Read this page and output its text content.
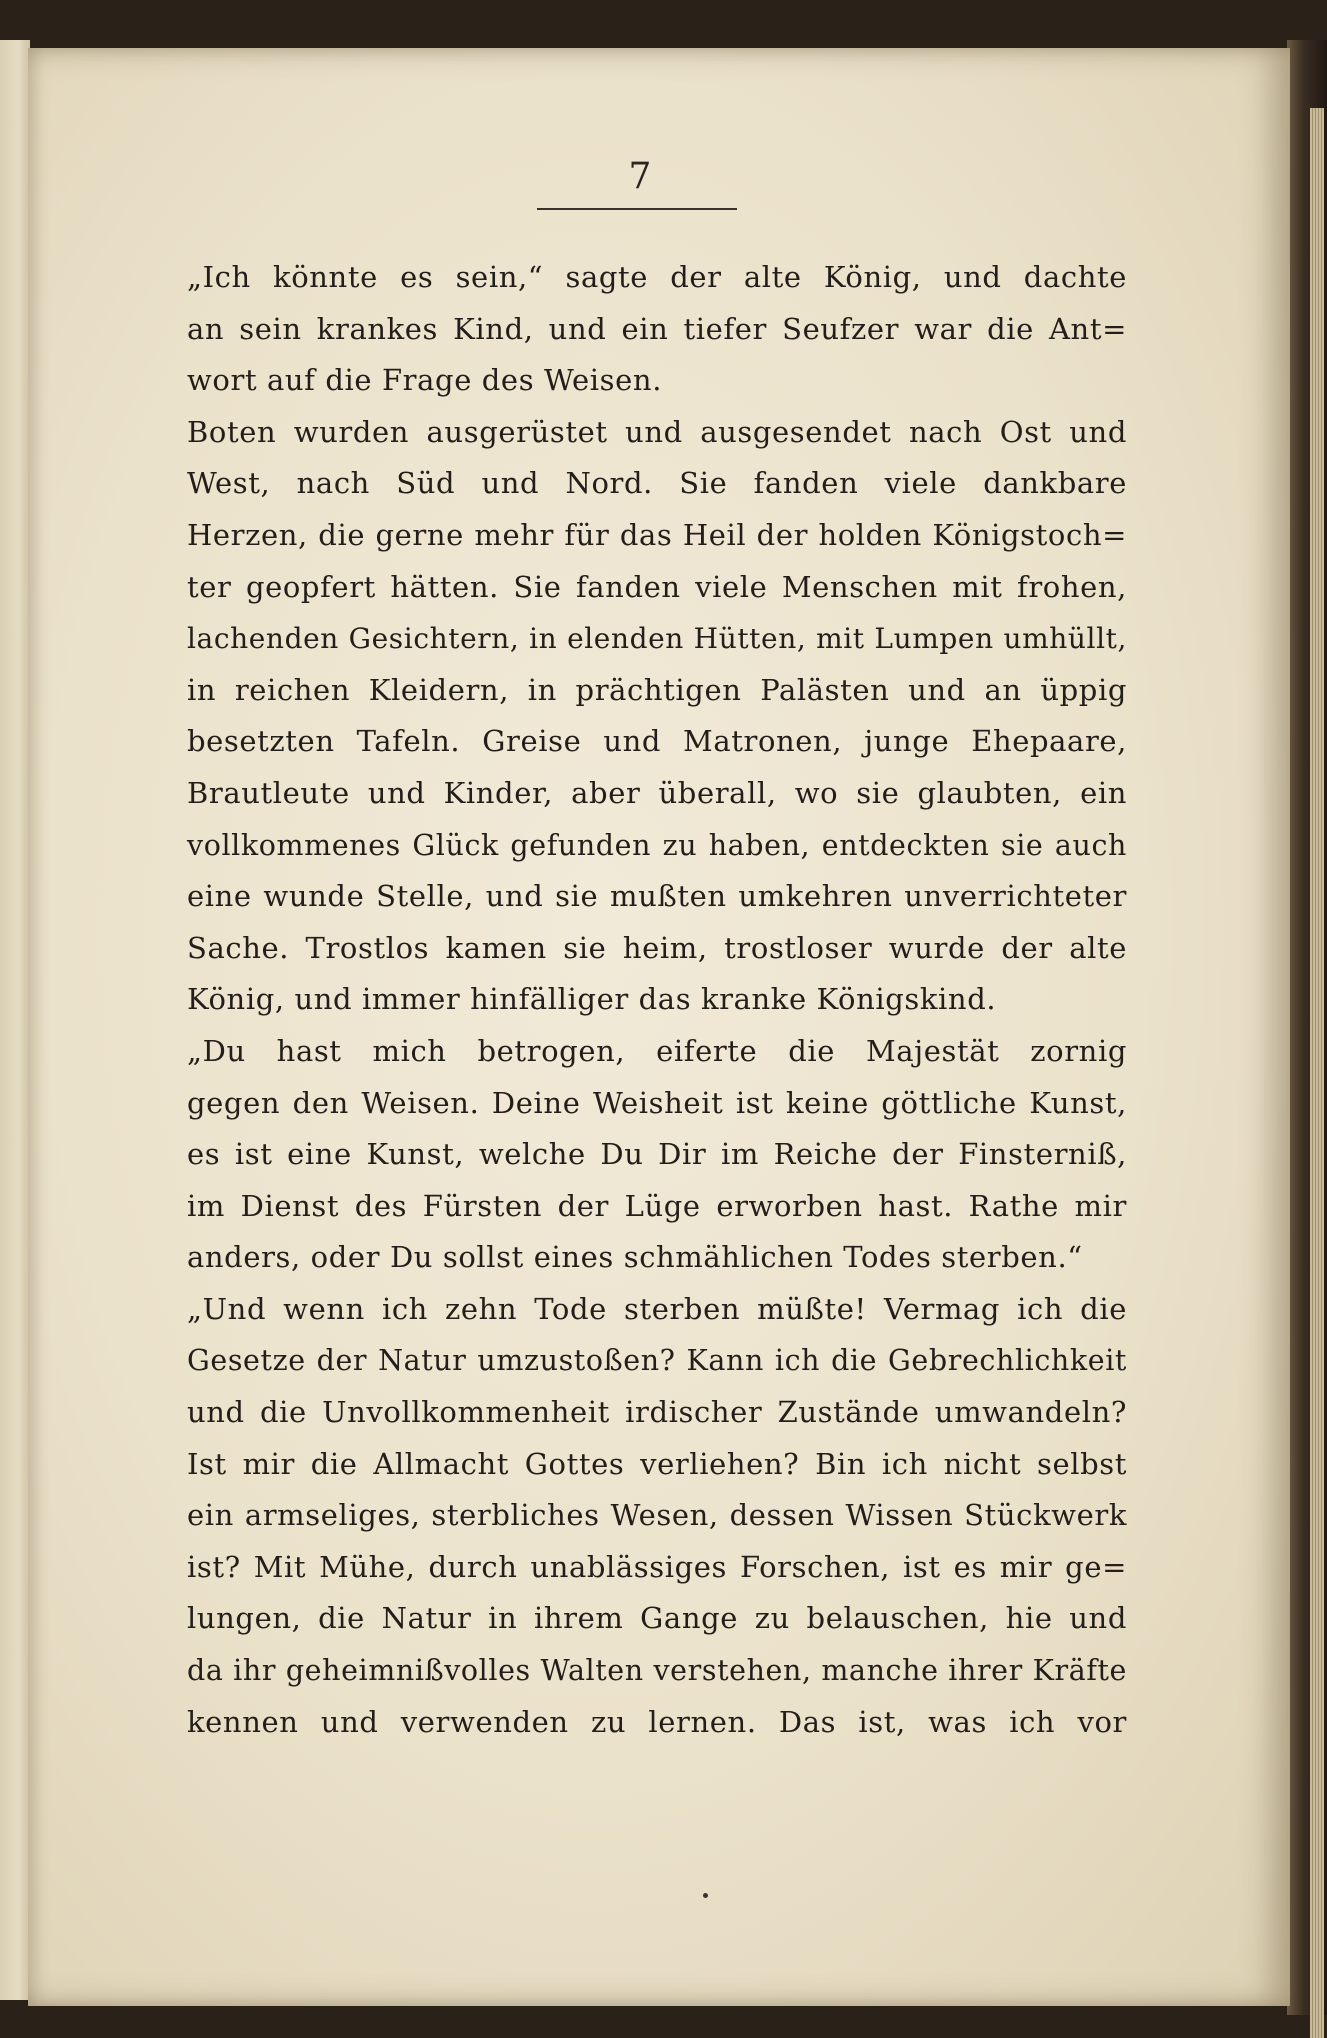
7
„Ich könnte es sein,“ sagte der alte König, und dachte
an sein krankes Kind, und ein tiefer Seufzer war die Ant=
wort auf die Frage des Weisen.
Boten wurden ausgerüstet und ausgesendet nach Ost und
West, nach Süd und Nord. Sie fanden viele dankbare
Herzen, die gerne mehr für das Heil der holden Königstoch=
ter geopfert hätten. Sie fanden viele Menschen mit frohen,
lachenden Gesichtern, in elenden Hütten, mit Lumpen umhüllt,
in reichen Kleidern, in prächtigen Palästen und an üppig
besetzten Tafeln. Greise und Matronen, junge Ehepaare,
Brautleute und Kinder, aber überall, wo sie glaubten, ein
vollkommenes Glück gefunden zu haben, entdeckten sie auch
eine wunde Stelle, und sie mußten umkehren unverrichteter
Sache. Trostlos kamen sie heim, trostloser wurde der alte
König, und immer hinfälliger das kranke Königskind.
„Du hast mich betrogen, eiferte die Majestät zornig
gegen den Weisen. Deine Weisheit ist keine göttliche Kunst,
es ist eine Kunst, welche Du Dir im Reiche der Finsterniß,
im Dienst des Fürsten der Lüge erworben hast. Rathe mir
anders, oder Du sollst eines schmählichen Todes sterben.“
„Und wenn ich zehn Tode sterben müßte! Vermag ich die
Gesetze der Natur umzustoßen? Kann ich die Gebrechlichkeit
und die Unvollkommenheit irdischer Zustände umwandeln?
Ist mir die Allmacht Gottes verliehen? Bin ich nicht selbst
ein armseliges, sterbliches Wesen, dessen Wissen Stückwerk
ist? Mit Mühe, durch unablässiges Forschen, ist es mir ge=
lungen, die Natur in ihrem Gange zu belauschen, hie und
da ihr geheimnißvolles Walten verstehen, manche ihrer Kräfte
kennen und verwenden zu lernen. Das ist, was ich vor
